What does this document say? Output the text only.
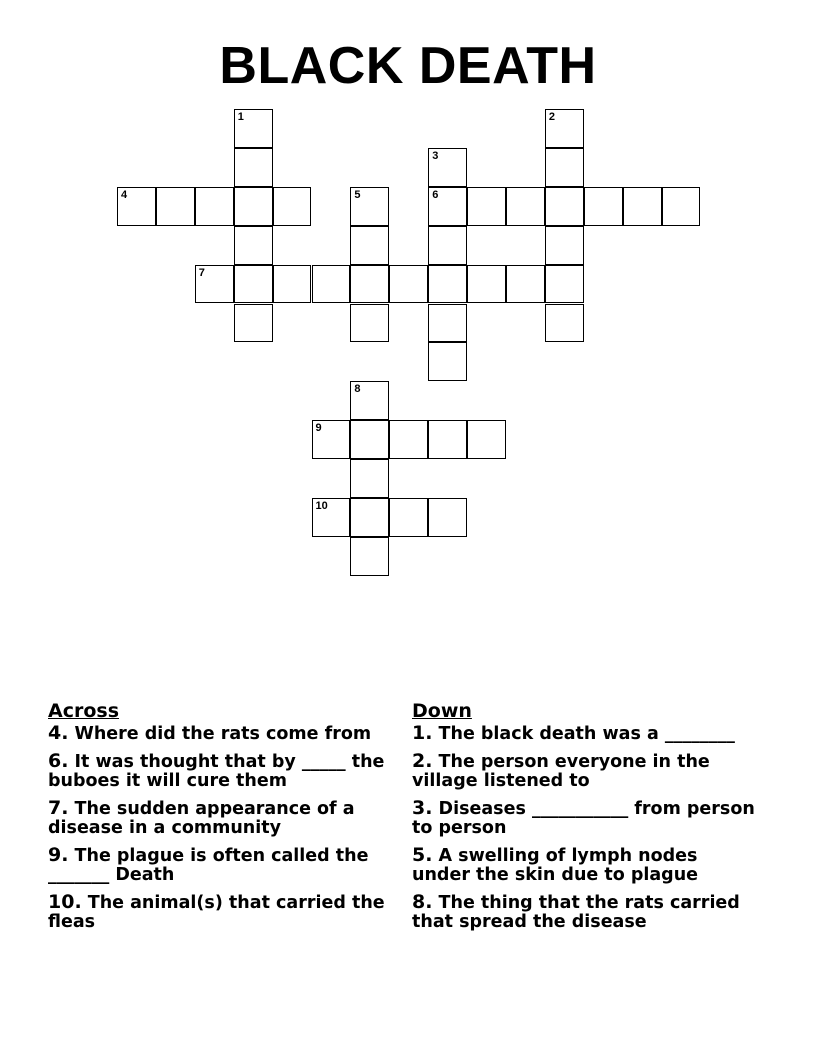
BLACK DEATH
1	2
3
4	5	6
7
8
9
10
Across
4. Where did the rats come from
6. It was thought that by _____ the buboes it will cure them
7. The sudden appearance of a disease in a community
9. The plague is often called the _______ Death
10. The animal(s) that carried the fleas
Down
1. The black death was a ________
2. The person everyone in the village listened to
3. Diseases ___________ from person to person
5. A swelling of lymph nodes under the skin due to plague
8. The thing that the rats carried that spread the disease
